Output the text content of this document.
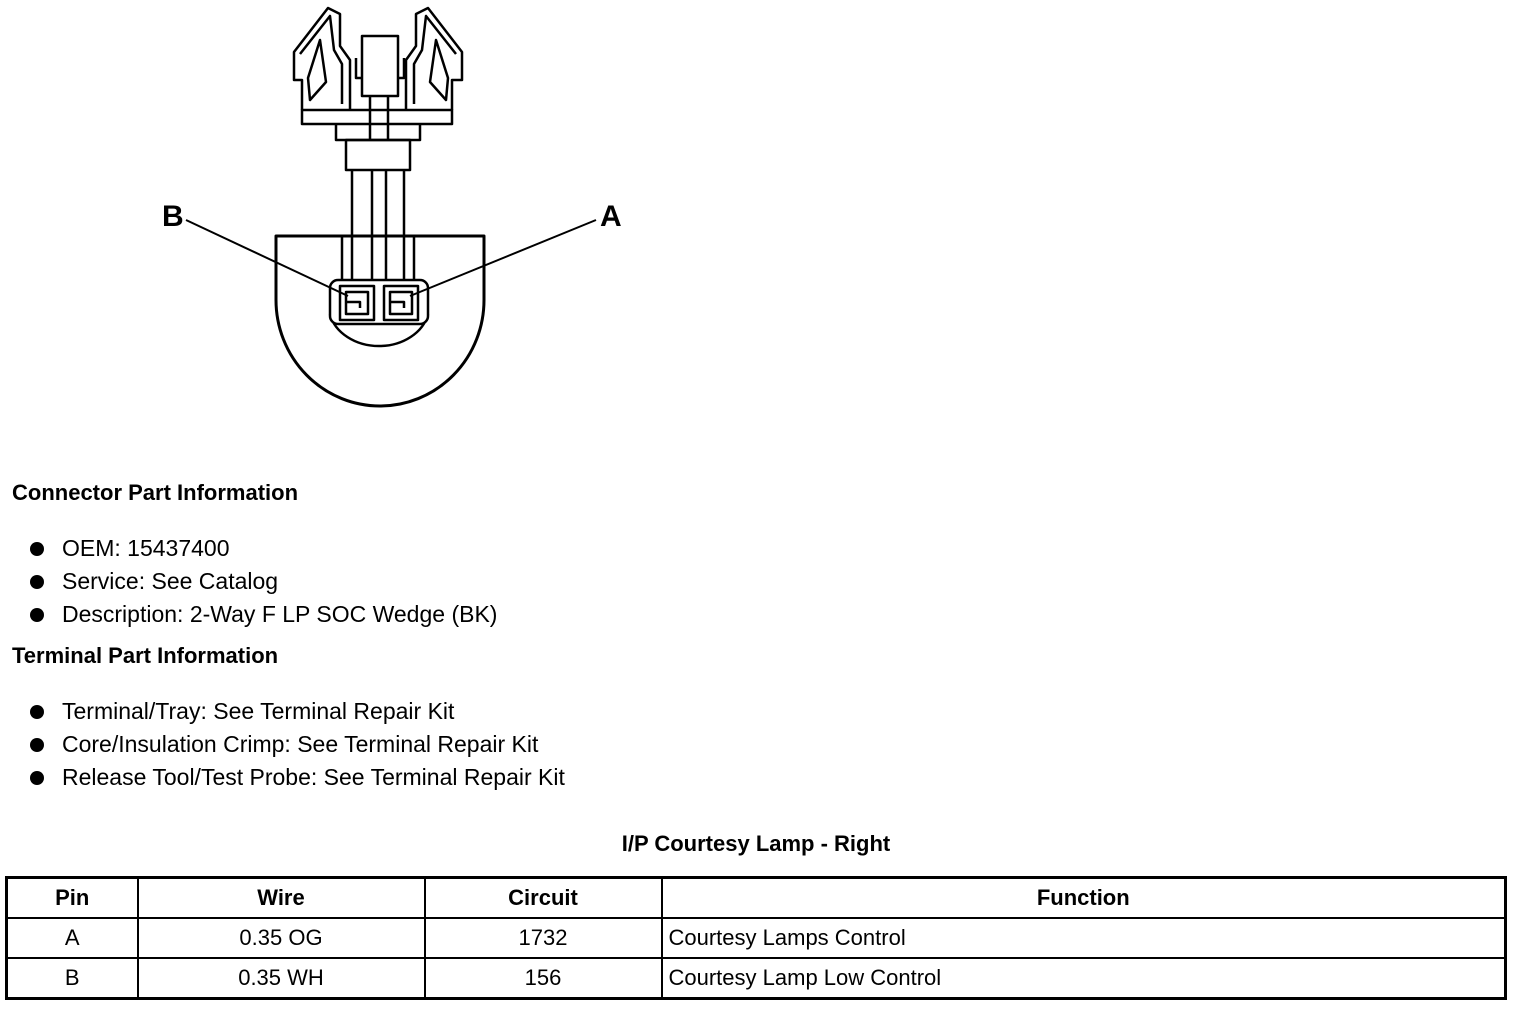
B	A
Connector Part Information
OEM: 15437400
Service: See Catalog
Description: 2-Way F LP SOC Wedge (BK)
Terminal Part Information
Terminal/Tray: See Terminal Repair Kit
Core/Insulation Crimp: See Terminal Repair Kit
Release Tool/Test Probe: See Terminal Repair Kit
I/P Courtesy Lamp - Right
Pin	Wire	Circuit	Function
A	0.35 OG	1732	Courtesy Lamps Control
B	0.35 WH	156	Courtesy Lamp Low Control
